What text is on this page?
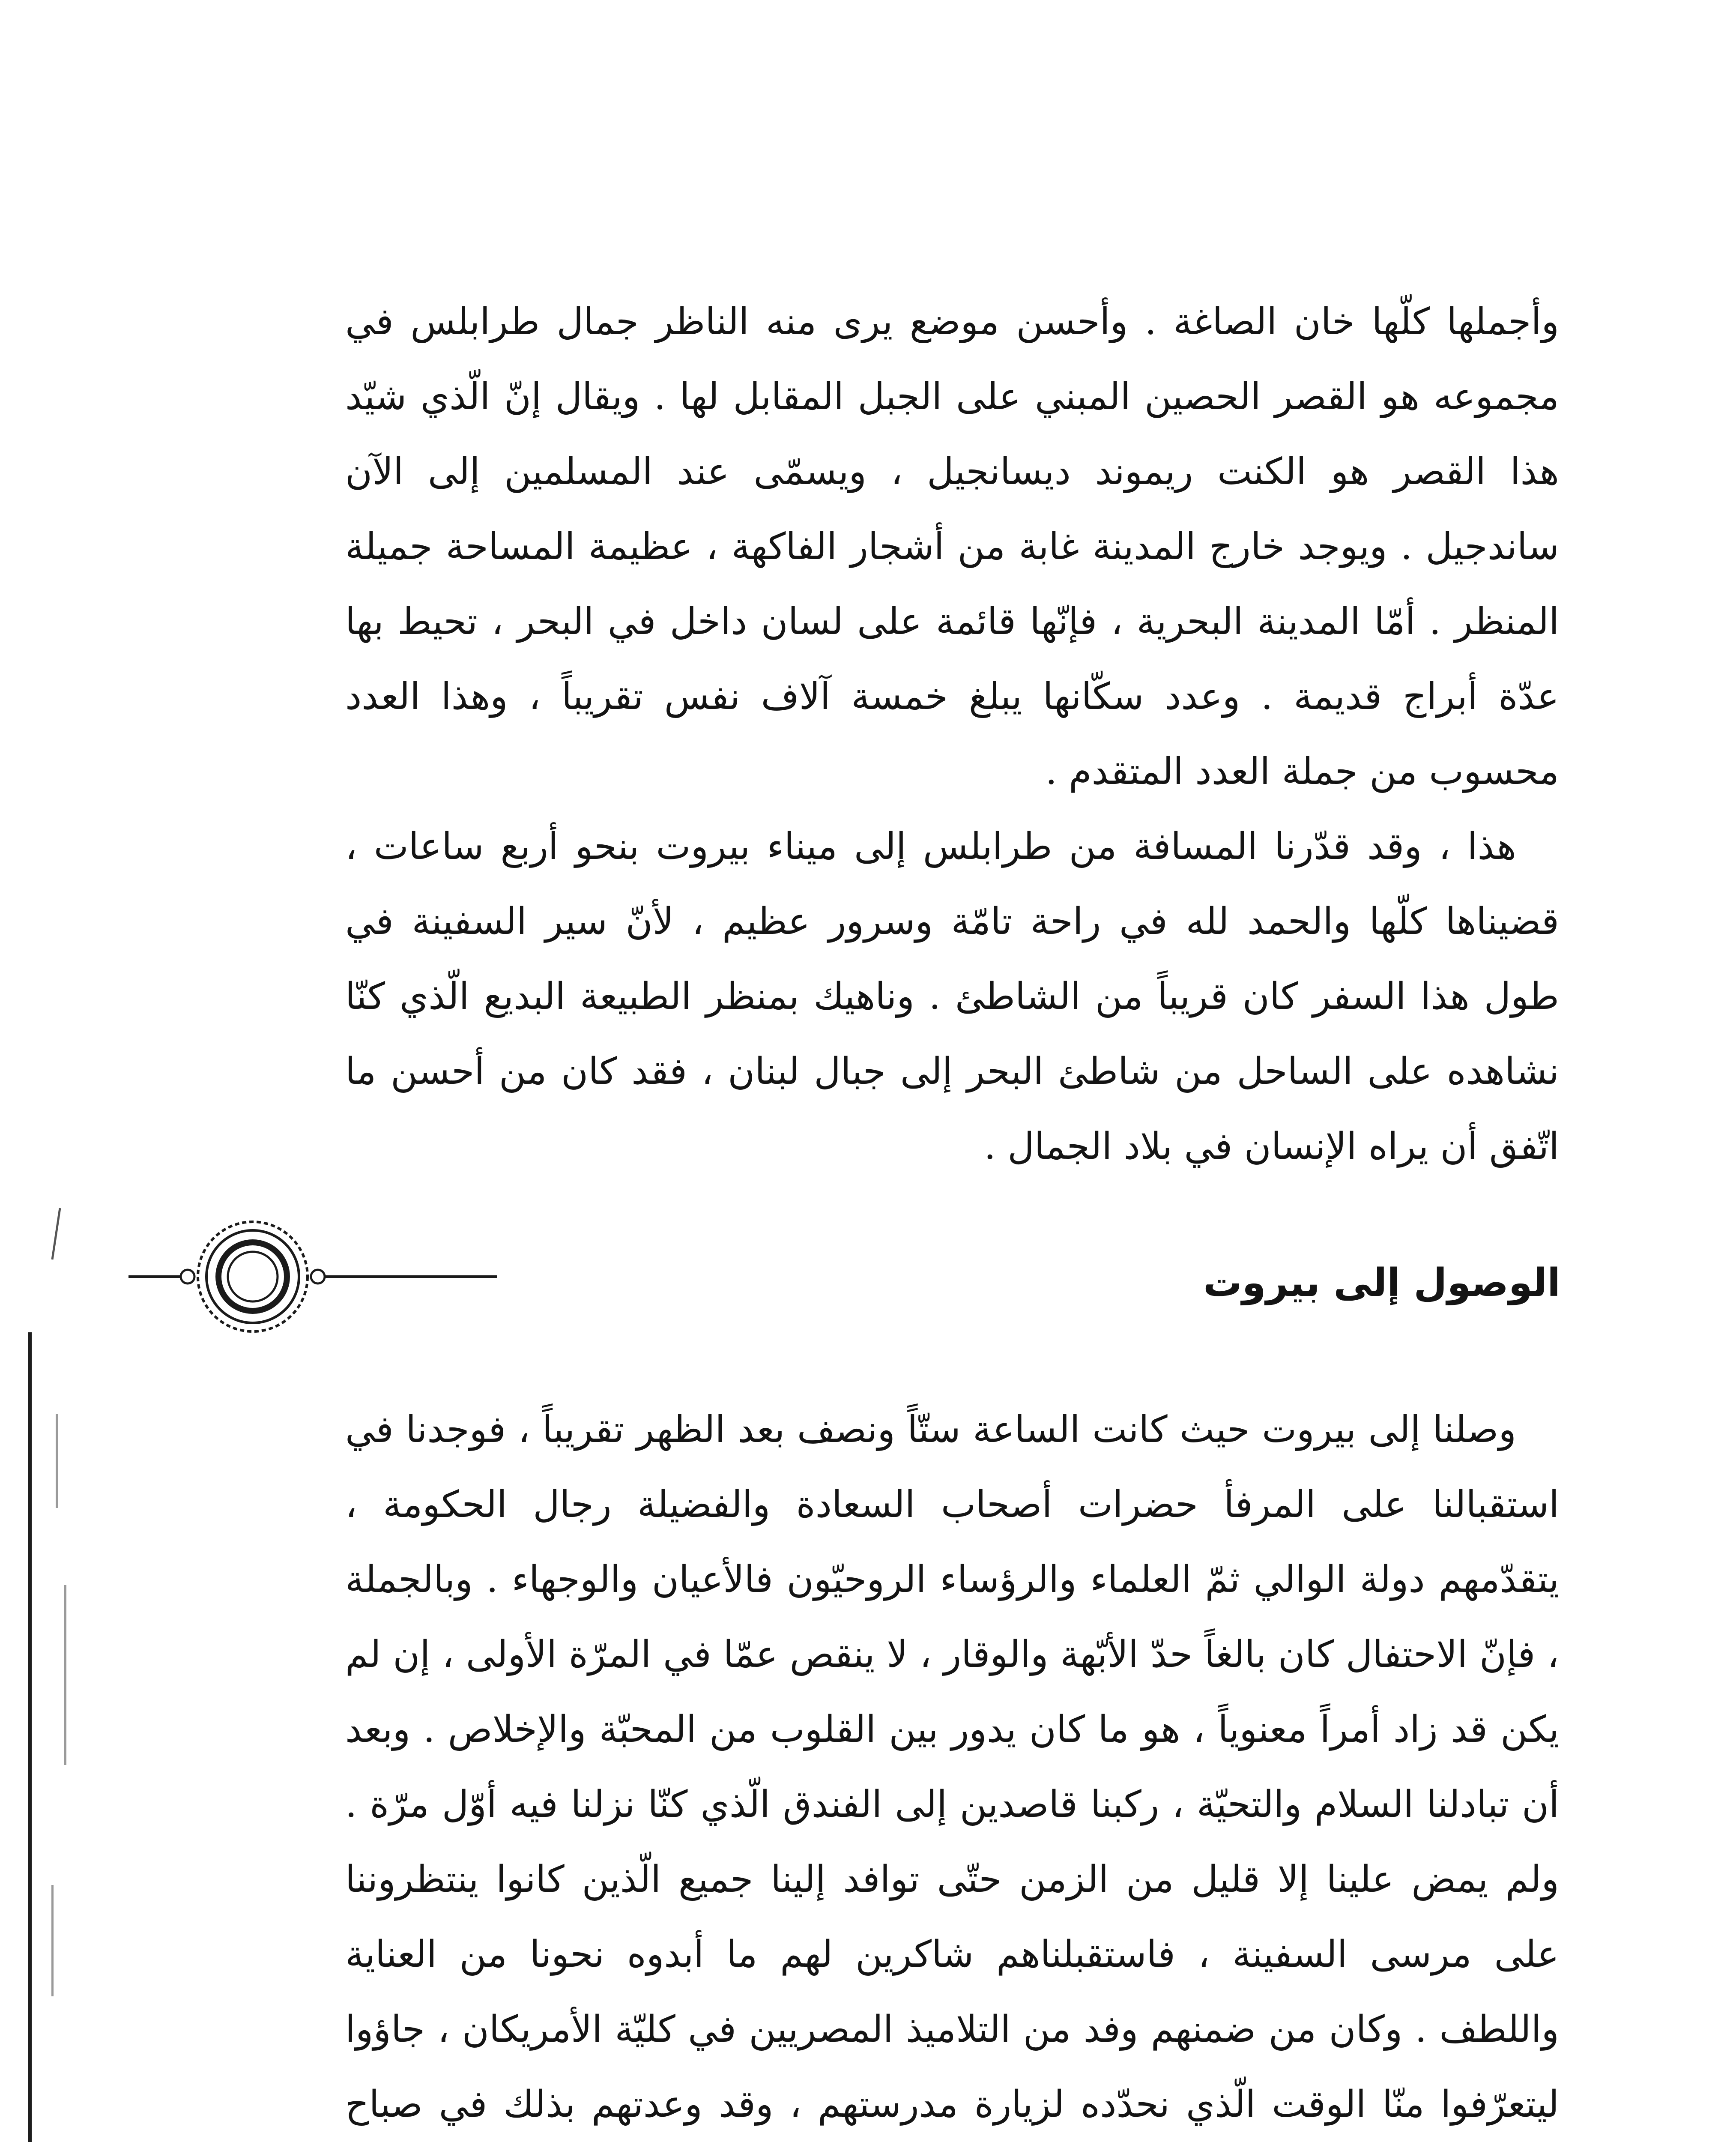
وأجملها كلّها خان الصاغة . وأحسن موضع يرى منه الناظر جمال طرابلس في مجموعه هو القصر الحصين المبني على الجبل المقابل لها . ويقال إنّ الّذي شيّد هذا القصر هو الكنت ريموند ديسانجيل ، ويسمّى عند المسلمين إلى الآن ساندجيل . ويوجد خارج المدينة غابة من أشجار الفاكهة ، عظيمة المساحة جميلة المنظر . أمّا المدينة البحرية ، فإنّها قائمة على لسان داخل في البحر ، تحيط بها عدّة أبراج قديمة . وعدد سكّانها يبلغ خمسة آلاف نفس تقريباً ، وهذا العدد محسوب من جملة العدد المتقدم .

هذا ، وقد قدّرنا المسافة من طرابلس إلى ميناء بيروت بنحو أربع ساعات ، قضيناها كلّها والحمد لله في راحة تامّة وسرور عظيم ، لأنّ سير السفينة في طول هذا السفر كان قريباً من الشاطئ . وناهيك بمنظر الطبيعة البديع الّذي كنّا نشاهده على الساحل من شاطئ البحر إلى جبال لبنان ، فقد كان من أحسن ما اتّفق أن يراه الإنسان في بلاد الجمال .

الوصول إلى بيروت

وصلنا إلى بيروت حيث كانت الساعة ستّاً ونصف بعد الظهر تقريباً ، فوجدنا في استقبالنا على المرفأ حضرات أصحاب السعادة والفضيلة رجال الحكومة ، يتقدّمهم دولة الوالي ثمّ العلماء والرؤساء الروحيّون فالأعيان والوجهاء . وبالجملة ، فإنّ الاحتفال كان بالغاً حدّ الأبّهة والوقار ، لا ينقص عمّا في المرّة الأولى ، إن لم يكن قد زاد أمراً معنوياً ، هو ما كان يدور بين القلوب من المحبّة والإخلاص . وبعد أن تبادلنا السلام والتحيّة ، ركبنا قاصدين إلى الفندق الّذي كنّا نزلنا فيه أوّل مرّة . ولم يمض علينا إلا قليل من الزمن حتّى توافد إلينا جميع الّذين كانوا ينتظروننا على مرسى السفينة ، فاستقبلناهم شاكرين لهم ما أبدوه نحونا من العناية واللطف . وكان من ضمنهم وفد من التلاميذ المصريين في كليّة الأمريكان ، جاؤوا ليتعرّفوا منّا الوقت الّذي نحدّده لزيارة مدرستهم ، وقد وعدتهم بذلك في صباح
